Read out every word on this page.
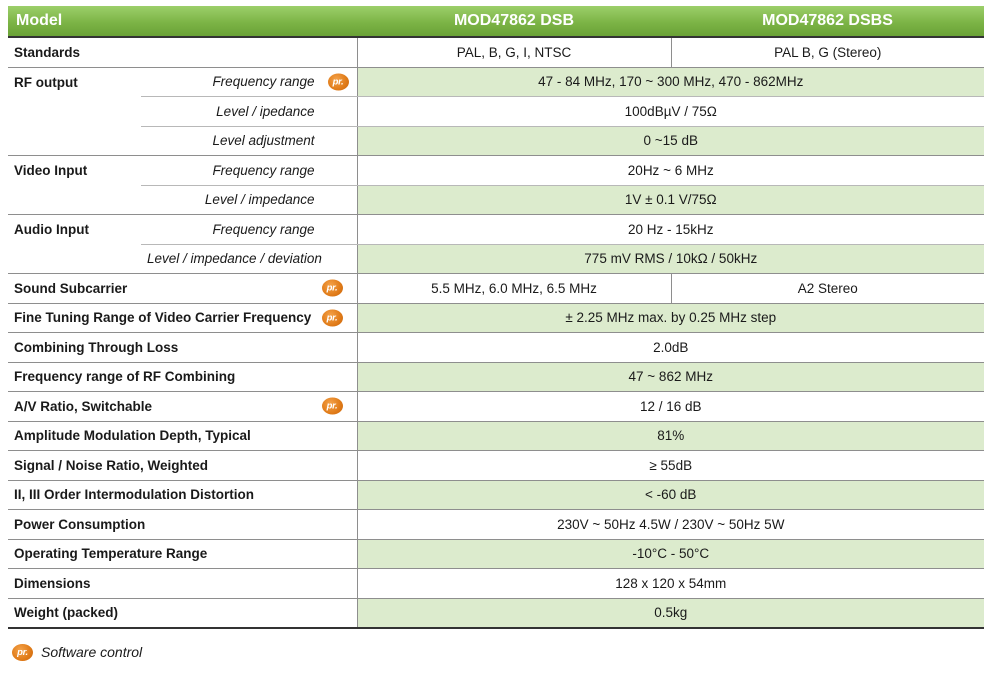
Model		MOD47862 DSB	MOD47862 DSBS
Standards		PAL, B, G, I, NTSC	PAL B, G (Stereo)
RF output	Frequency range pr.	47 - 84 MHz, 170 ~ 300 MHz, 470 - 862MHz	
	Level / ipedance	100dBµV / 75Ω	
	Level adjustment	0 ~15 dB	
Video Input	Frequency range	20Hz ~ 6 MHz	
	Level / impedance	1V ± 0.1 V/75Ω	
Audio Input	Frequency range	20 Hz - 15kHz	
	Level / impedance / deviation	775 mV RMS / 10kΩ / 50kHz	

Sound Subcarrier pr.		5.5 MHz, 6.0 MHz, 6.5 MHz	A2 Stereo

Fine Tuning Range of Video Carrier Frequency pr.		± 2.25 MHz max. by 0.25 MHz step	
Combining Through Loss		2.0dB	
Frequency range of RF Combining		47 ~ 862 MHz	

A/V Ratio, Switchable pr.		12 / 16 dB	
Amplitude Modulation Depth, Typical		81%	
Signal / Noise Ratio, Weighted		≥ 55dB	
II, III Order Intermodulation Distortion		< -60 dB	
Power Consumption		230V ~ 50Hz 4.5W / 230V ~ 50Hz 5W	
Operating Temperature Range		-10°C - 50°C	
Dimensions		128 x 120 x 54mm	
Weight (packed)		0.5kg	
pr. Software control
